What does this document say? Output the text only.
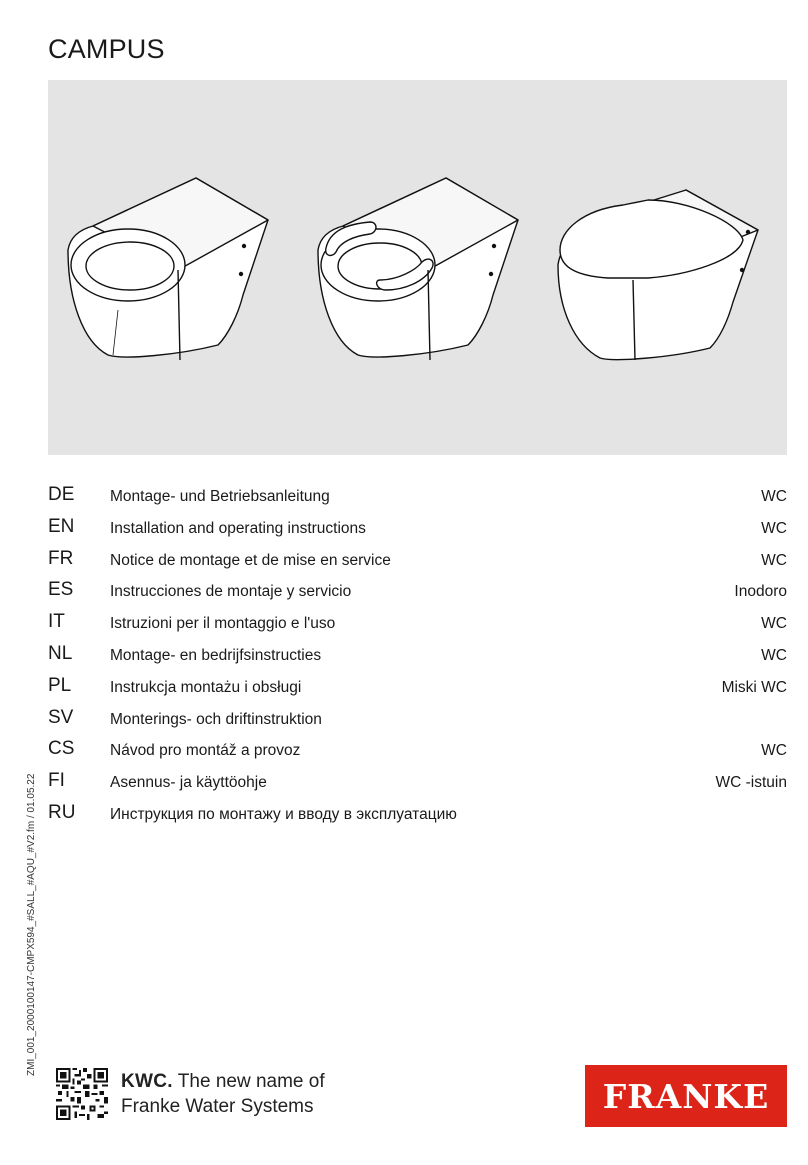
CAMPUS
DE Montage- und Betriebsanleitung	WC
EN Installation and operating instructions	WC
FR Notice de montage et de mise en service	WC
ES Instrucciones de montaje y servicio	Inodoro
IT	Istruzioni per il montaggio e l'uso	WC
NL Montage- en bedrijfsinstructies	WC
PL	Instrukcja montażu i obsługi	Miski WC
SV Monterings- och driftinstruktion
CS Návod pro montáž a provoz	WC
FI	Asennus- ja käyttöohje	WC -istuin
RU Инструкция по монтажу и вводу в эксплуатацию
ZMI_001_2000100147-CMPX594_#SALL_#AQU_#V2.fm / 01.05.22
KWC. The new name of
Franke Water Systems	FRANKE
